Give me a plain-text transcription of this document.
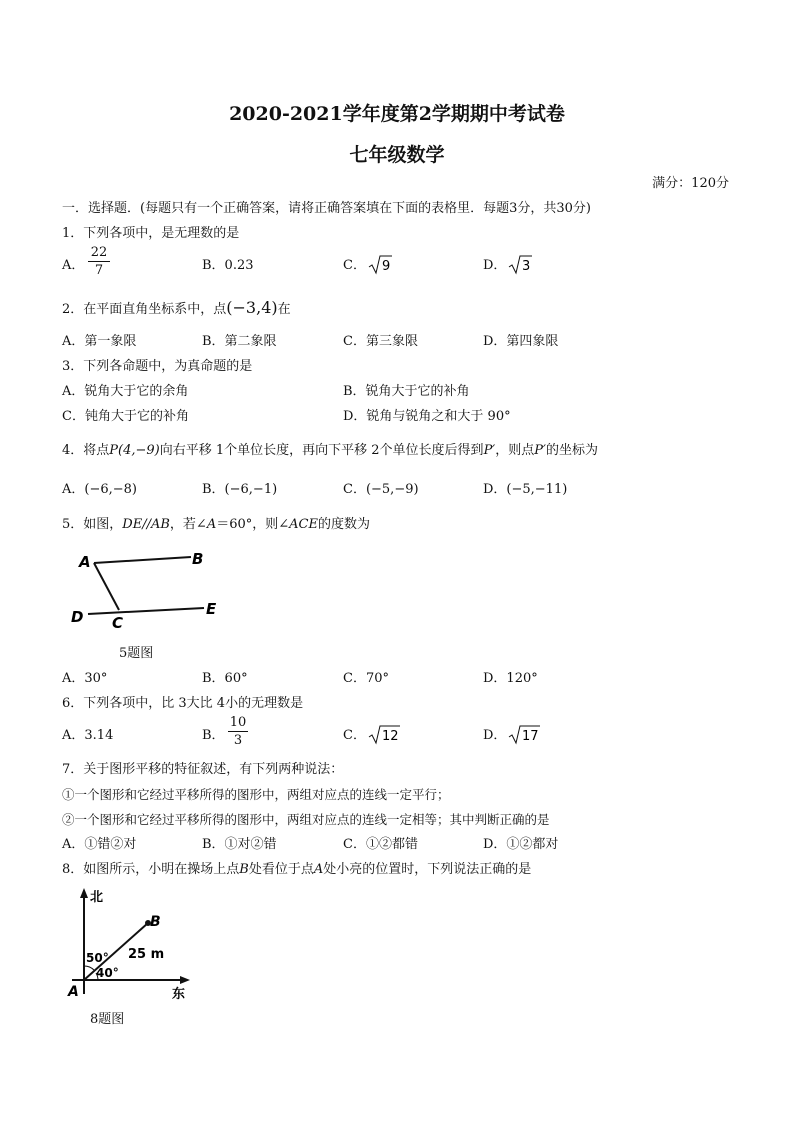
2020-2021学年度第2学期期中考试卷
七年级数学
满分：120分
一．选择题．(每题只有一个正确答案，请将正确答案填在下面的表格里．每题3分，共30分)
1．下列各项中，是无理数的是
A．
22
7	B．0.23	C． 9	D． 3
2．在平面直角坐标系中，点(−3,4)在
A．第一象限	B．第二象限	C．第三象限	D．第四象限
3．下列各命题中，为真命题的是
A．锐角大于它的余角	B．锐角大于它的补角
C．钝角大于它的补角	D．锐角与锐角之和大于 90°
4．将点P(4,−9)向右平移 1个单位长度，再向下平移 2个单位长度后得到P′，则点P′的坐标为
A．(−6,−8)	B．(−6,−1)	C．(−5,−9)	D．(−5,−11)
5．如图，DE//AB，若∠A＝60°，则∠ACE的度数为
A	B
C
D	E
5题图
A．30°	B．60°	C．70°	D．120°
6．下列各项中，比 3大比 4小的无理数是
A．3.14	B．
10
3	C． 12	D． 17
7．关于图形平移的特征叙述，有下列两种说法：
①一个图形和它经过平移所得的图形中，两组对应点的连线一定平行；
②一个图形和它经过平移所得的图形中，两组对应点的连线一定相等；其中判断正确的是
A．①错②对	B．①对②错	C．①②都错	D．①②都对
8．如图所示，小明在操场上点B处看位于点A处小亮的位置时，下列说法正确的是
B
A
北
东
25 m
50°
40°
8题图
